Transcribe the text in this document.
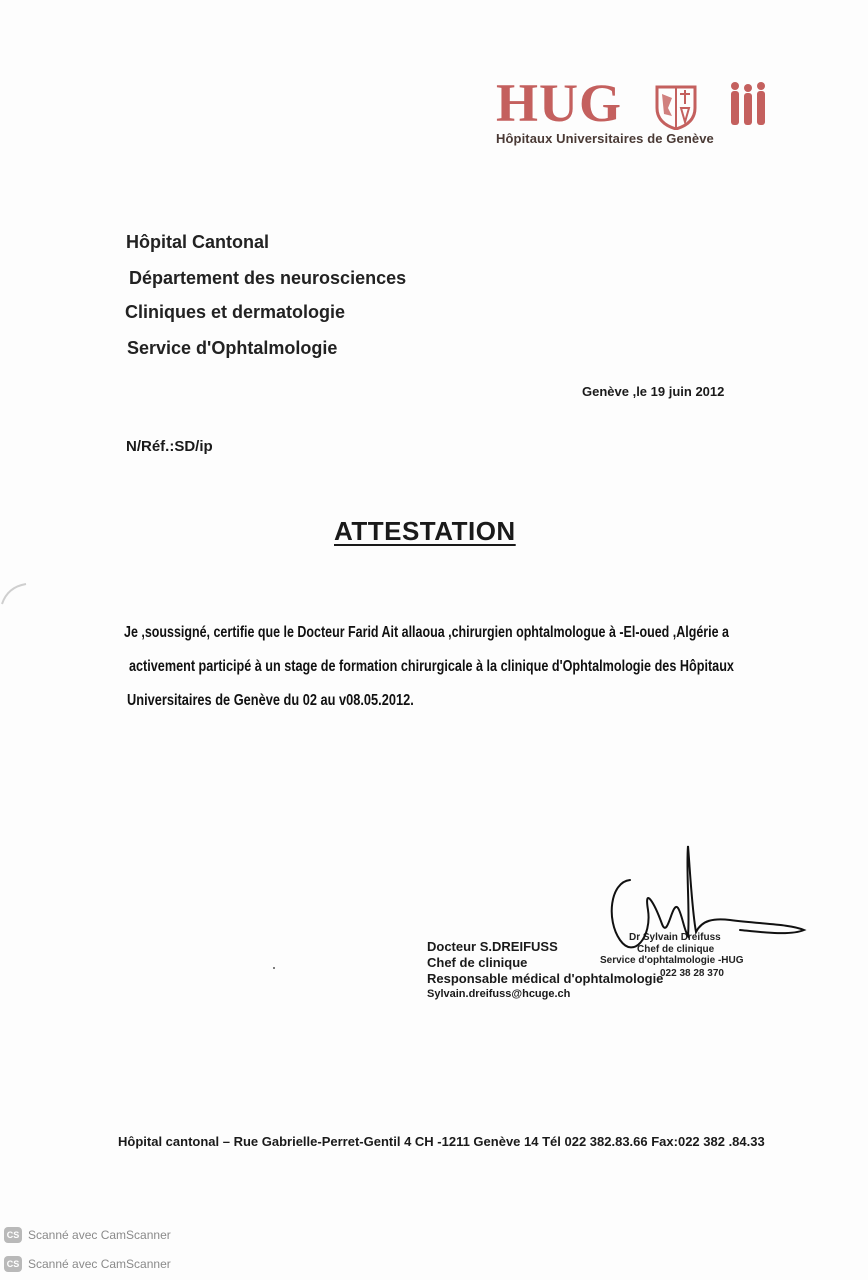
HUG
Hôpitaux Universitaires de Genève
Hôpital Cantonal
Département des neurosciences
Cliniques et dermatologie
Service d'Ophtalmologie
Genève ,le 19 juin 2012
N/Réf.:SD/ip
ATTESTATION
Je ,soussigné, certifie que le Docteur Farid Ait allaoua ,chirurgien ophtalmologue à -El-oued ,Algérie a
activement participé à un stage de formation chirurgicale à la clinique d'Ophtalmologie des Hôpitaux
Universitaires de Genève du 02 au v08.05.2012.
Docteur S.DREIFUSS
Chef de clinique
Responsable médical d'ophtalmologie
Sylvain.dreifuss@hcuge.ch
Dr Sylvain Dreifuss
Chef de clinique
Service d'ophtalmologie -HUG
022 38 28 370
Hôpital cantonal – Rue Gabrielle-Perret-Gentil 4 CH -1211 Genève 14 Tél 022 382.83.66 Fax:022 382 .84.33
CS Scanné avec CamScanner
CS Scanné avec CamScanner
